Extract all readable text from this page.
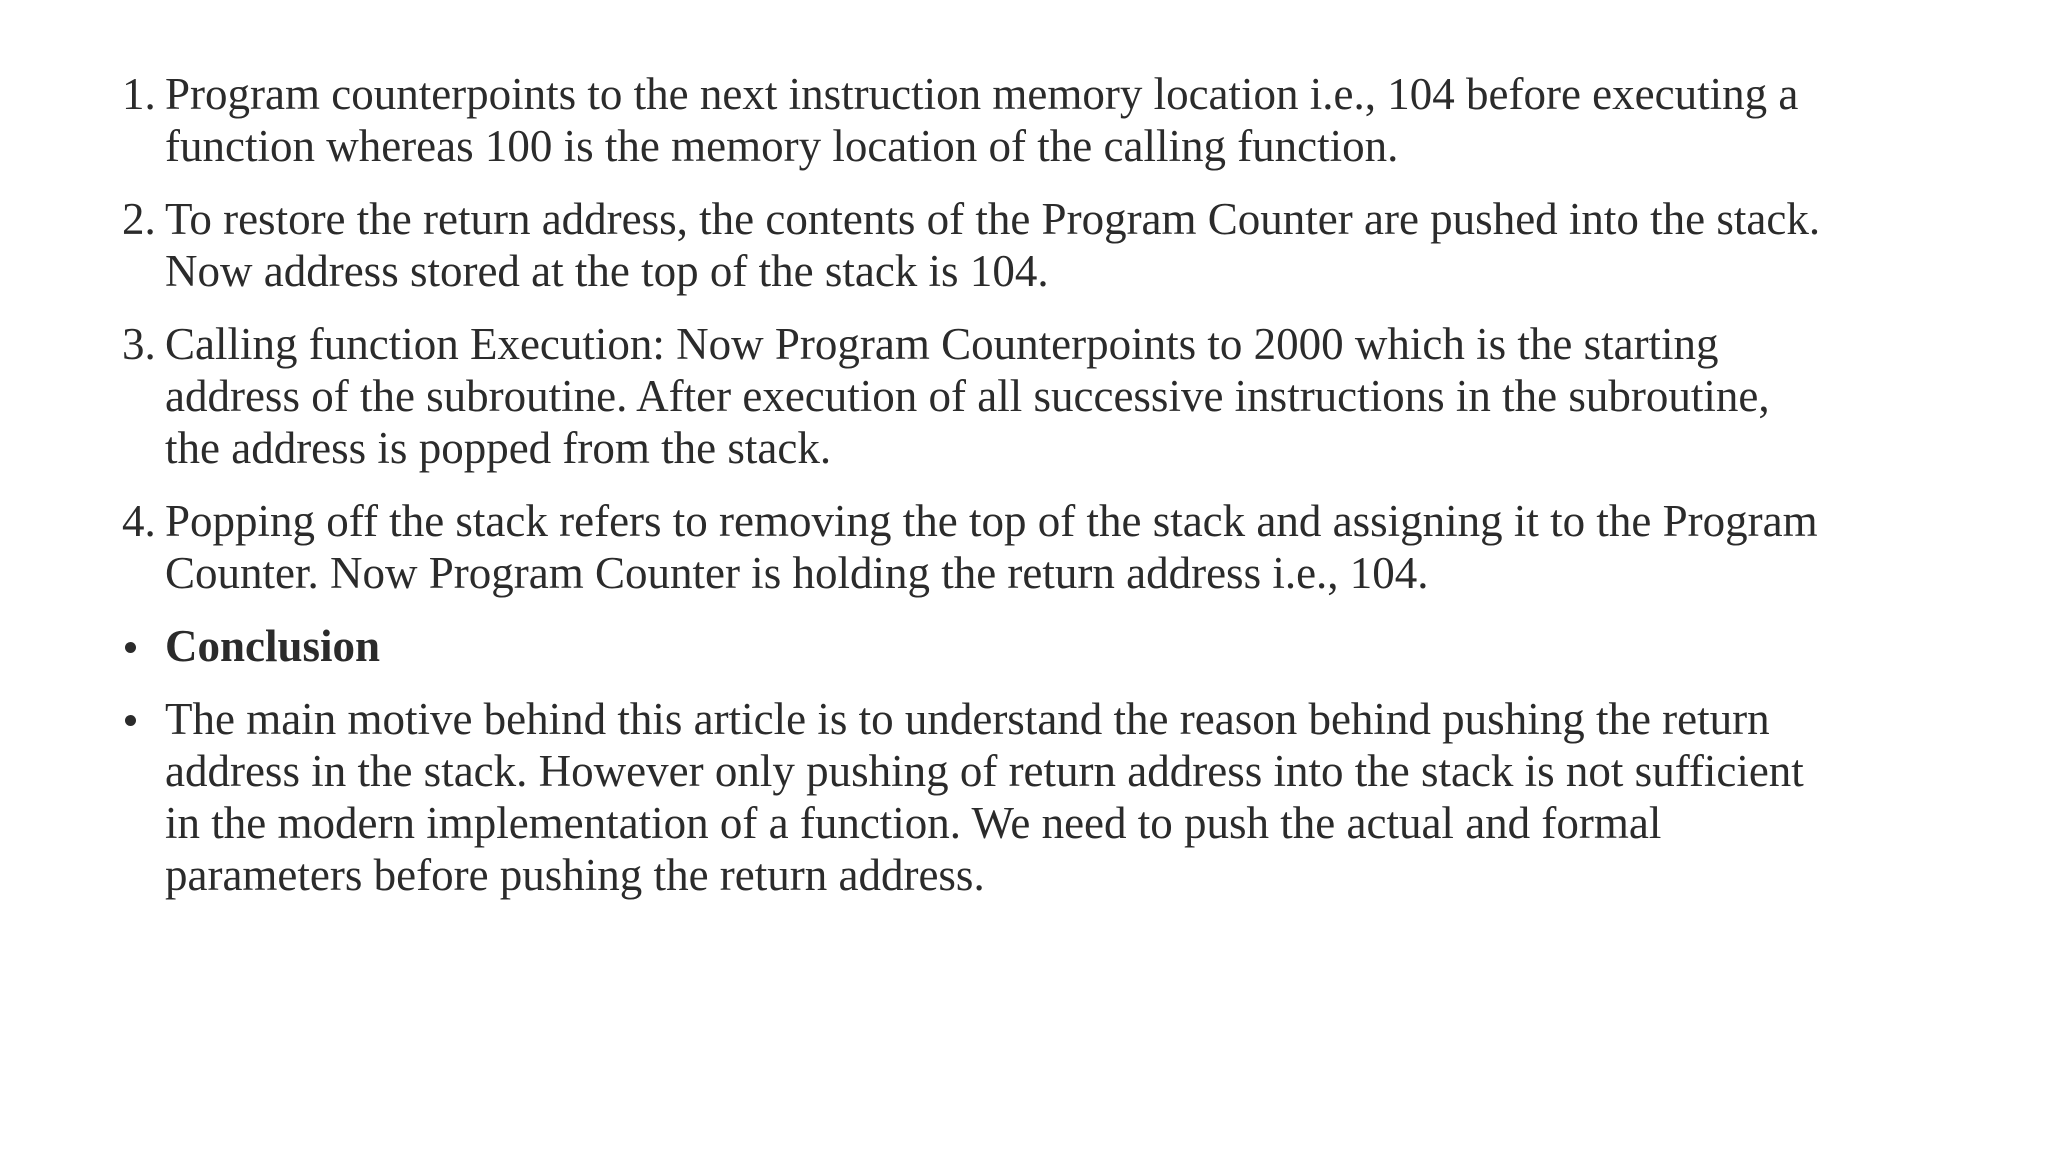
1. Program counterpoints to the next instruction memory location i.e., 104 before executing a
function whereas 100 is the memory location of the calling function.
2. To restore the return address, the contents of the Program Counter are pushed into the stack.
Now address stored at the top of the stack is 104.
3. Calling function Execution: Now Program Counterpoints to 2000 which is the starting
address of the subroutine. After execution of all successive instructions in the subroutine,
the address is popped from the stack.
4. Popping off the stack refers to removing the top of the stack and assigning it to the Program
Counter. Now Program Counter is holding the return address i.e., 104.
Conclusion
The main motive behind this article is to understand the reason behind pushing the return
address in the stack. However only pushing of return address into the stack is not sufficient
in the modern implementation of a function. We need to push the actual and formal
parameters before pushing the return address.
